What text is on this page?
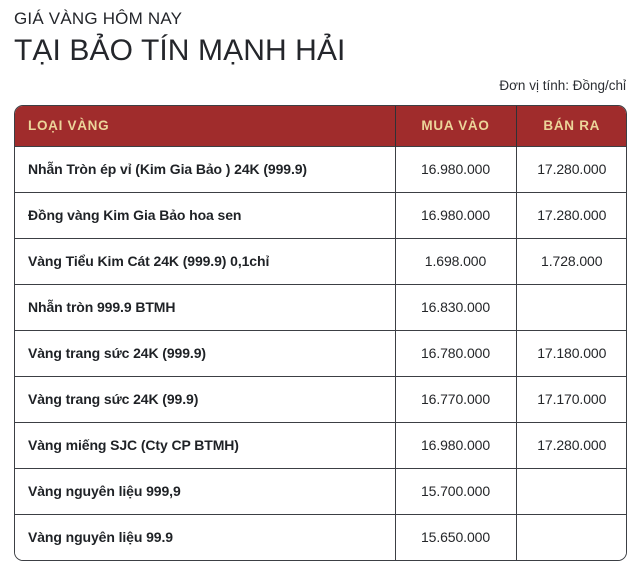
GIÁ VÀNG HÔM NAY
TẠI BẢO TÍN MẠNH HẢI
Đơn vị tính: Đồng/chỉ
LOẠI VÀNG	MUA VÀO	BÁN RA
Nhẫn Tròn ép vỉ (Kim Gia Bảo ) 24K (999.9)	16.980.000	17.280.000
Đồng vàng Kim Gia Bảo hoa sen	16.980.000	17.280.000
Vàng Tiểu Kim Cát 24K (999.9) 0,1chỉ	1.698.000	1.728.000
Nhẫn tròn 999.9 BTMH	16.830.000	
Vàng trang sức 24K (999.9)	16.780.000	17.180.000
Vàng trang sức 24K (99.9)	16.770.000	17.170.000
Vàng miếng SJC (Cty CP BTMH)	16.980.000	17.280.000
Vàng nguyên liệu 999,9	15.700.000	
Vàng nguyên liệu 99.9	15.650.000	
